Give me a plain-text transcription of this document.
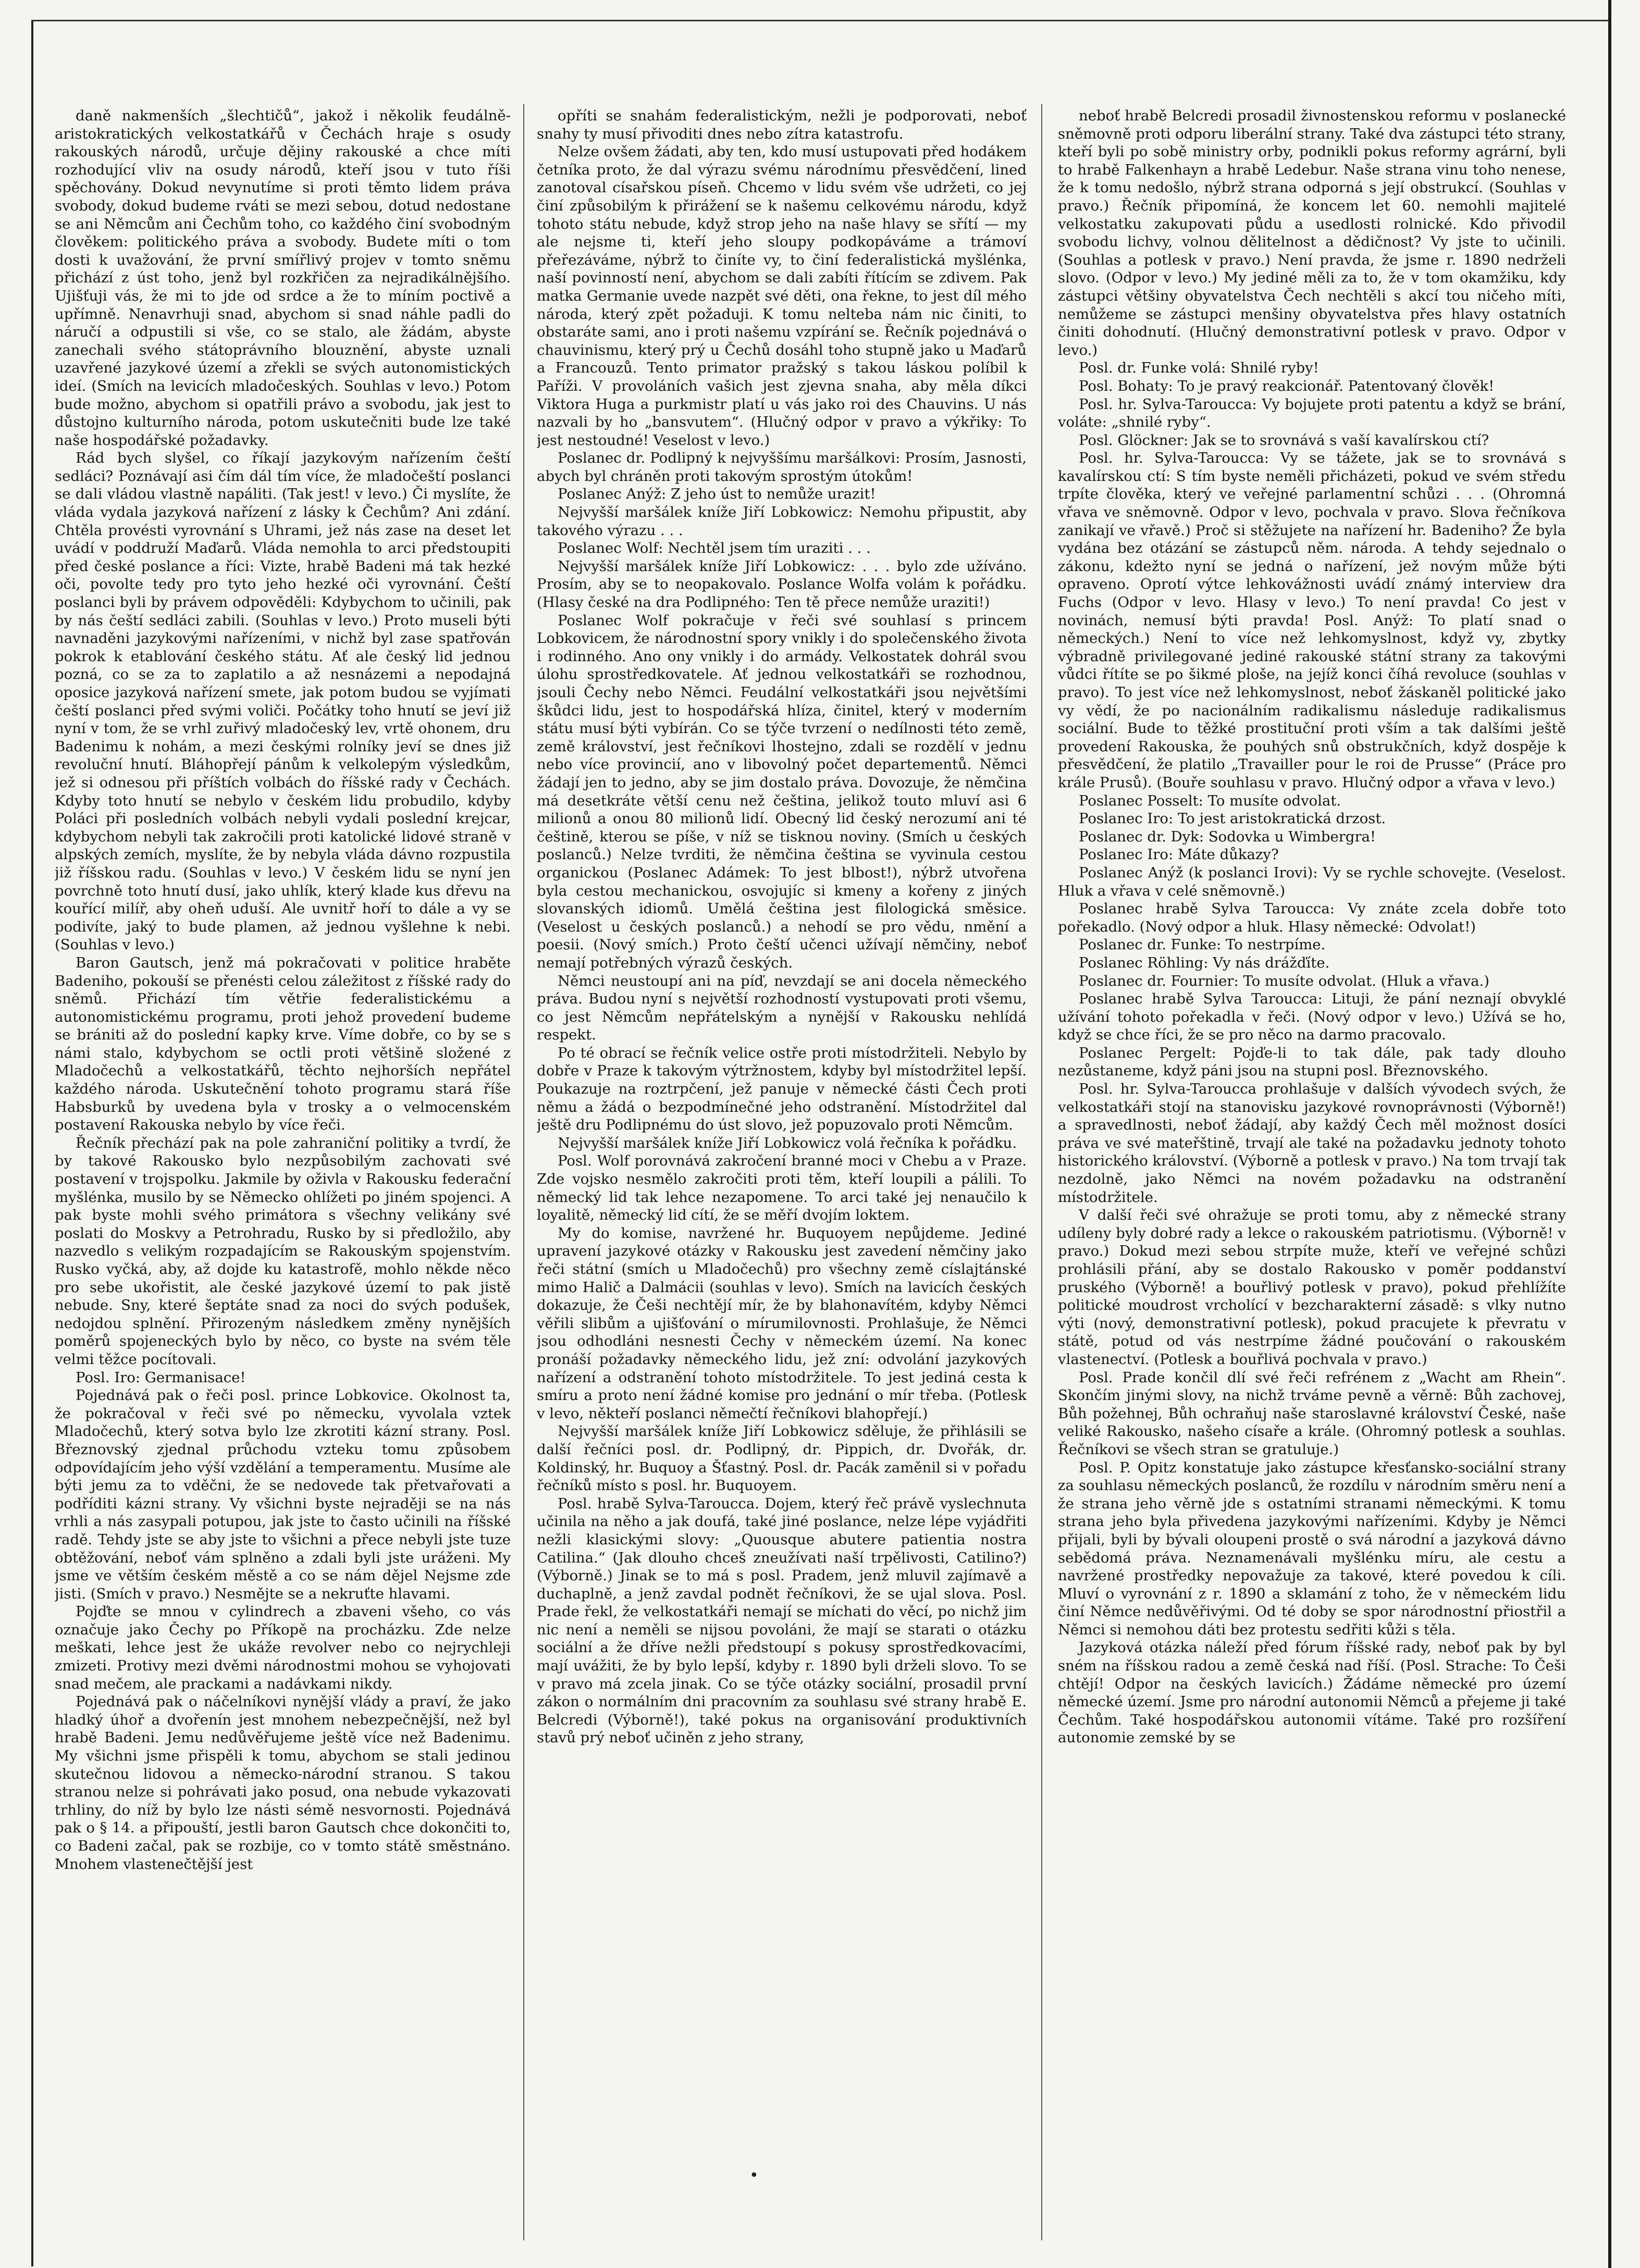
daně nakmenších „šlechtičů“, jakož i několik feudálně-aristokratických velkostatkářů v Čechách hraje s osudy rakouských národů, určuje dějiny rakouské a chce míti rozhodující vliv na osudy národů, kteří jsou v tuto říši spěchovány. Dokud nevynutíme si proti těmto lidem práva svobody, dokud budeme rváti se mezi sebou, dotud nedostane se ani Němcům ani Čechům toho, co každého činí svobodným člověkem: politického práva a svobody. Budete míti o tom dosti k uvažování, že první smířlivý projev v tomto sněmu přichází z úst toho, jenž byl rozkřičen za nejradikálnějšího. Ujišťuji vás, že mi to jde od srdce a že to míním poctivě a upřímně. Nenavrhuji snad, abychom si snad náhle padli do náručí a odpustili si vše, co se stalo, ale žádám, abyste zanechali svého státoprávního blouznění, abyste uznali uzavřené jazykové území a zřekli se svých autonomistických ideí. (Smích na levicích mladočeských. Souhlas v levo.) Potom bude možno, abychom si opatřili právo a svobodu, jak jest to důstojno kulturního národa, potom uskutečniti bude lze také naše hospodářské požadavky.

Rád bych slyšel, co říkají jazykovým nařízením čeští sedláci? Poznávají asi čím dál tím více, že mladočeští poslanci se dali vládou vlastně napáliti. (Tak jest! v levo.) Či myslíte, že vláda vydala jazyková nařízení z lásky k Čechům? Ani zdání. Chtěla provésti vyrovnání s Uhrami, jež nás zase na deset let uvádí v poddruží Maďarů. Vláda nemohla to arci předstoupiti před české poslance a říci: Vizte, hrabě Badeni má tak hezké oči, povolte tedy pro tyto jeho hezké oči vyrovnání. Čeští poslanci byli by právem odpověděli: Kdybychom to učinili, pak by nás čeští sedláci zabili. (Souhlas v levo.) Proto museli býti navnaděni jazykovými nařízeními, v nichž byl zase spatřován pokrok k etablování českého státu. Ať ale český lid jednou pozná, co se za to zaplatilo a až nesnázemi a nepodajná oposice jazyková nařízení smete, jak potom budou se vyjímati čeští poslanci před svými voliči. Počátky toho hnutí se jeví již nyní v tom, že se vrhl zuřivý mladočeský lev, vrtě ohonem, dru Badenimu k nohám, a mezi českými rolníky jeví se dnes již revoluční hnutí. Bláhopřejí pánům k velkolepým výsledkům, jež si odnesou při příštích volbách do říšské rady v Čechách. Kdyby toto hnutí se nebylo v českém lidu probudilo, kdyby Poláci při posledních volbách nebyli vydali poslední krejcar, kdybychom nebyli tak zakročili proti katolické lidové straně v alpských zemích, myslíte, že by nebyla vláda dávno rozpustila již říšskou radu. (Souhlas v levo.) V českém lidu se nyní jen povrchně toto hnutí dusí, jako uhlík, který klade kus dřevu na kouřící milíř, aby oheň uduší. Ale uvnitř hoří to dále a vy se podivíte, jaký to bude plamen, až jednou vyšlehne k nebi. (Souhlas v levo.)

Baron Gautsch, jenž má pokračovati v politice hraběte Badeniho, pokouší se přenésti celou záležitost z říšské rady do sněmů. Přichází tím větřie federalistickému a autonomistickému programu, proti jehož provedení budeme se brániti až do poslední kapky krve. Víme dobře, co by se s námi stalo, kdybychom se octli proti většině složené z Mladočechů a velkostatkářů, těchto nejhorších nepřátel každého národa. Uskutečnění tohoto programu stará říše Habsburků by uvedena byla v trosky a o velmocenském postavení Rakouska nebylo by více řeči.

Řečník přechází pak na pole zahraniční politiky a tvrdí, že by takové Rakousko bylo nezpůsobilým zachovati své postavení v trojspolku. Jakmile by oživla v Rakousku federační myšlénka, musilo by se Německo ohlížeti po jiném spojenci. A pak byste mohli svého primátora s všechny velikány své poslati do Moskvy a Petrohradu, Rusko by si předložilo, aby nazvedlo s velikým rozpadajícím se Rakouským spojenstvím. Rusko vyčká, aby, až dojde ku katastrofě, mohlo někde něco pro sebe ukořistit, ale české jazykové území to pak jistě nebude. Sny, které šeptáte snad za noci do svých podušek, nedojdou splnění. Přirozeným následkem změny nynějších poměrů spojeneckých bylo by něco, co byste na svém těle velmi těžce pocítovali.

Posl. Iro: Germanisace!

Pojednává pak o řeči posl. prince Lobkovice. Okolnost ta, že pokračoval v řeči své po německu, vyvolala vztek Mladočechů, který sotva bylo lze zkrotiti kázní strany. Posl. Březnovský zjednal průchodu vzteku tomu způsobem odpovídajícím jeho výší vzdělání a temperamentu. Musíme ale býti jemu za to vděčni, že se nedovede tak přetvařovati a podříditi kázni strany. Vy všichni byste nejraději se na nás vrhli a nás zasypali potupou, jak jste to často učinili na říšské radě. Tehdy jste se aby jste to všichni a přece nebyli jste tuze obtěžování, neboť vám splněno a zdali byli jste uráženi. My jsme ve větším českém městě a co se nám dějel Nejsme zde jisti. (Smích v pravo.) Nesmějte se a nekruťte hlavami.

Pojďte se mnou v cylindrech a zbaveni všeho, co vás označuje jako Čechy po Příkopě na procházku. Zde nelze meškati, lehce jest že ukáže revolver nebo co nejrychleji zmizeti. Protivy mezi dvěmi národnostmi mohou se vyhojovati snad mečem, ale prackami a nadávkami nikdy.

Pojednává pak o náčelníkovi nynější vlády a praví, že jako hladký úhoř a dvořenín jest mnohem nebezpečnější, než byl hrabě Badeni. Jemu nedůvěřujeme ještě více než Badenimu. My všichni jsme přispěli k tomu, abychom se stali jedinou skutečnou lidovou a německo-národní stranou. S takou stranou nelze si pohrávati jako posud, ona nebude vykazovati trhliny, do níž by bylo lze násti sémě nesvornosti. Pojednává pak o § 14. a připouští, jestli baron Gautsch chce dokončiti to, co Badeni začal, pak se rozbije, co v tomto státě směstnáno. Mnohem vlastenečtější jest

opříti se snahám federalistickým, nežli je podporovati, neboť snahy ty musí přivoditi dnes nebo zítra katastrofu.

Nelze ovšem žádati, aby ten, kdo musí ustupovati před hodákem četníka proto, že dal výrazu svému národnímu přesvědčení, lined zanotoval císařskou píseň. Chcemo v lidu svém vše udržeti, co jej činí způsobilým k přirážení se k našemu celkovému národu, když tohoto státu nebude, když strop jeho na naše hlavy se sřítí — my ale nejsme ti, kteří jeho sloupy podkopáváme a trámoví přeřezáváme, nýbrž to činíte vy, to činí federalistická myšlénka, naší povinností není, abychom se dali zabíti řítícím se zdivem. Pak matka Germanie uvede nazpět své děti, ona řekne, to jest díl mého národa, který zpět požaduji. K tomu nelteba nám nic činiti, to obstaráte sami, ano i proti našemu vzpírání se. Řečník pojednává o chauvinismu, který prý u Čechů dosáhl toho stupně jako u Maďarů a Francouzů. Tento primator pražský s takou láskou políbil k Paříži. V provoláních vašich jest zjevna snaha, aby měla díkci Viktora Huga a purkmistr platí u vás jako roi des Chauvins. U nás nazvali by ho „bansvutem“. (Hlučný odpor v pravo a výkřiky: To jest nestoudné! Veselost v levo.)

Poslanec dr. Podlipný k nejvyššímu maršálkovi: Prosím, Jasnosti, abych byl chráněn proti takovým sprostým útokům!

Poslanec Anýž: Z jeho úst to nemůže urazit!

Nejvyšší maršálek kníže Jiří Lobkowicz: Nemohu připustit, aby takového výrazu . . .

Poslanec Wolf: Nechtěl jsem tím uraziti . . .

Nejvyšší maršálek kníže Jiří Lobkowicz: . . . bylo zde užíváno. Prosím, aby se to neopakovalo. Poslance Wolfa volám k pořádku. (Hlasy české na dra Podlipného: Ten tě přece nemůže uraziti!)

Poslanec Wolf pokračuje v řeči své souhlasí s princem Lobkovicem, že národnostní spory vnikly i do společenského života i rodinného. Ano ony vnikly i do armády. Velkostatek dohrál svou úlohu sprostředkovatele. Ať jednou velkostatkáři se rozhodnou, jsouli Čechy nebo Němci. Feudální velkostatkáři jsou největšími škůdci lidu, jest to hospodářská hlíza, činitel, který v moderním státu musí býti vybírán. Co se týče tvrzení o nedílnosti této země, země království, jest řečníkovi lhostejno, zdali se rozdělí v jednu nebo více provincií, ano v libovolný počet departementů. Němci žádají jen to jedno, aby se jim dostalo práva. Dovozuje, že němčina má desetkráte větší cenu než čeština, jelikož touto mluví asi 6 milionů a onou 80 milionů lidí. Obecný lid český nerozumí ani té češtině, kterou se píše, v níž se tisknou noviny. (Smích u českých poslanců.) Nelze tvrditi, že němčina čeština se vyvinula cestou organickou (Poslanec Adámek: To jest blbost!), nýbrž utvořena byla cestou mechanickou, osvojujíc si kmeny a kořeny z jiných slovanských idiomů. Umělá čeština jest filologická směsice. (Veselost u českých poslanců.) a nehodí se pro vědu, nmění a poesii. (Nový smích.) Proto čeští učenci užívají němčiny, neboť nemají potřebných výrazů českých.

Němci neustoupí ani na píď, nevzdají se ani docela německého práva. Budou nyní s největší rozhodností vystupovati proti všemu, co jest Němcům nepřátelským a nynější v Rakousku nehlídá respekt.

Po té obrací se řečník velice ostře proti místodržiteli. Nebylo by dobře v Praze k takovým výtržnostem, kdyby byl místodržitel lepší. Poukazuje na roztrpčení, jež panuje v německé části Čech proti němu a žádá o bezpodmínečné jeho odstranění. Místodržitel dal ještě dru Podlipnému do úst slovo, jež popuzovalo proti Němcům.

Nejvyšší maršálek kníže Jiří Lobkowicz volá řečníka k pořádku.

Posl. Wolf porovnává zakročení branné moci v Chebu a v Praze. Zde vojsko nesmělo zakročiti proti těm, kteří loupili a pálili. To německý lid tak lehce nezapomene. To arci také jej nenaučilo k loyalitě, německý lid cítí, že se měří dvojím loktem.

My do komise, navržené hr. Buquoyem nepůjdeme. Jediné upravení jazykové otázky v Rakousku jest zavedení němčiny jako řeči státní (smích u Mladočechů) pro všechny země císlajtánské mimo Halič a Dalmácii (souhlas v levo). Smích na lavicích českých dokazuje, že Češi nechtějí mír, že by blahonavítém, kdyby Němci věřili slibům a ujišťování o mírumilovnosti. Prohlašuje, že Němci jsou odhodláni nesnesti Čechy v německém území. Na konec pronáší požadavky německého lidu, jež zní: odvolání jazykových nařízení a odstranění tohoto místodržitele. To jest jediná cesta k smíru a proto není žádné komise pro jednání o mír třeba. (Potlesk v levo, někteří poslanci němečtí řečníkovi blahopřejí.)

Nejvyšší maršálek kníže Jiří Lobkowicz sděluje, že přihlásili se další řečníci posl. dr. Podlipný, dr. Pippich, dr. Dvořák, dr. Koldinský, hr. Buquoy a Šťastný. Posl. dr. Pacák zaměnil si v pořadu řečníků místo s posl. hr. Buquoyem.

Posl. hrabě Sylva-Taroucca. Dojem, který řeč právě vyslechnuta učinila na něho a jak doufá, také jiné poslance, nelze lépe vyjádřiti nežli klasickými slovy: „Quousque abutere patientia nostra Catilina.“ (Jak dlouho chceš zneužívati naší trpělivosti, Catilino?) (Výborně.) Jinak se to má s posl. Pradem, jenž mluvil zajímavě a duchaplně, a jenž zavdal podnět řečníkovi, že se ujal slova. Posl. Prade řekl, že velkostatkáři nemají se míchati do věcí, po nichž jim nic není a neměli se nijsou povoláni, že mají se starati o otázku sociální a že dříve nežli předstoupí s pokusy sprostředkovacími, mají uvážiti, že by bylo lepší, kdyby r. 1890 byli drželi slovo. To se v pravo má zcela jinak. Co se týče otázky sociální, prosadil první zákon o normálním dni pracovním za souhlasu své strany hrabě E. Belcredi (Výborně!), také pokus na organisování produktivních stavů prý neboť učiněn z jeho strany,

neboť hrabě Belcredi prosadil živnostenskou reformu v poslanecké sněmovně proti odporu liberální strany. Také dva zástupci této strany, kteří byli po sobě ministry orby, podnikli pokus reformy agrární, byli to hrabě Falkenhayn a hrabě Ledebur. Naše strana vinu toho nenese, že k tomu nedošlo, nýbrž strana odporná s její obstrukcí. (Souhlas v pravo.) Řečník připomíná, že koncem let 60. nemohli majitelé velkostatku zakupovati půdu a usedlosti rolnické. Kdo přivodil svobodu lichvy, volnou dělitelnost a dědičnost? Vy jste to učinili. (Souhlas a potlesk v pravo.) Není pravda, že jsme r. 1890 nedrželi slovo. (Odpor v levo.) My jediné měli za to, že v tom okamžiku, kdy zástupci většiny obyvatelstva Čech nechtěli s akcí tou ničeho míti, nemůžeme se zástupci menšiny obyvatelstva přes hlavy ostatních činiti dohodnutí. (Hlučný demonstrativní potlesk v pravo. Odpor v levo.)

Posl. dr. Funke volá: Shnilé ryby!

Posl. Bohaty: To je pravý reakcionář. Patentovaný člověk!

Posl. hr. Sylva-Taroucca: Vy bojujete proti patentu a když se brání, voláte: „shnilé ryby“.

Posl. Glöckner: Jak se to srovnává s vaší kavalírskou ctí?

Posl. hr. Sylva-Taroucca: Vy se tážete, jak se to srovnává s kavalírskou ctí: S tím byste neměli přicházeti, pokud ve svém středu trpíte člověka, který ve veřejné parlamentní schůzi . . . (Ohromná vřava ve sněmovně. Odpor v levo, pochvala v pravo. Slova řečníkova zanikají ve vřavě.) Proč si stěžujete na nařízení hr. Badeniho? Že byla vydána bez otázání se zástupců něm. národa. A tehdy sejednalo o zákonu, kdežto nyní se jedná o nařízení, jež novým může býti opraveno. Oprotí výtce lehkovážnosti uvádí známý interview dra Fuchs (Odpor v levo. Hlasy v levo.) To není pravda! Co jest v novinách, nemusí býti pravda! Posl. Anýž: To platí snad o německých.) Není to více než lehkomyslnost, když vy, zbytky výbradně privilegované jediné rakouské státní strany za takovými vůdci řítíte se po šikmé ploše, na jejíž konci číhá revoluce (souhlas v pravo). To jest více než lehkomyslnost, neboť žáskaněl politické jako vy vědí, že po nacionálním radikalismu následuje radikalismus sociální. Bude to těžké prostituční proti vším a tak dalšími ještě provedení Rakouska, že pouhých snů obstrukčních, když dospěje k přesvědčení, že platilo „Travailler pour le roi de Prusse“ (Práce pro krále Prusů). (Bouře souhlasu v pravo. Hlučný odpor a vřava v levo.)

Poslanec Posselt: To musíte odvolat.

Poslanec Iro: To jest aristokratická drzost.

Poslanec dr. Dyk: Sodovka u Wimbergra!

Poslanec Iro: Máte důkazy?

Poslanec Anýž (k poslanci Irovi): Vy se rychle schovejte. (Veselost. Hluk a vřava v celé sněmovně.)

Poslanec hrabě Sylva Taroucca: Vy znáte zcela dobře toto pořekadlo. (Nový odpor a hluk. Hlasy německé: Odvolat!)

Poslanec dr. Funke: To nestrpíme.

Poslanec Röhling: Vy nás drážďíte.

Poslanec dr. Fournier: To musíte odvolat. (Hluk a vřava.)

Poslanec hrabě Sylva Taroucca: Lituji, že pání neznají obvyklé užívání tohoto pořekadla v řeči. (Nový odpor v levo.) Užívá se ho, když se chce říci, že se pro něco na darmo pracovalo.

Poslanec Pergelt: Pojďe-li to tak dále, pak tady dlouho nezůstaneme, když páni jsou na stupni posl. Březnovského.

Posl. hr. Sylva-Taroucca prohlašuje v dalších vývodech svých, že velkostatkáři stojí na stanovisku jazykové rovnoprávnosti (Výborně!) a spravedlnosti, neboť žádají, aby každý Čech měl možnost dosíci práva ve své mateřštině, trvají ale také na požadavku jednoty tohoto historického království. (Výborně a potlesk v pravo.) Na tom trvají tak nezdolně, jako Němci na novém požadavku na odstranění místodržitele.

V další řeči své ohražuje se proti tomu, aby z německé strany udíleny byly dobré rady a lekce o rakouském patriotismu. (Výborně! v pravo.) Dokud mezi sebou strpíte muže, kteří ve veřejné schůzi prohlásili přání, aby se dostalo Rakousko v poměr poddanství pruského (Výborně! a bouřlivý potlesk v pravo), pokud přehlížíte politické moudrost vrcholící v bezcharakterní zásadě: s vlky nutno výti (nový, demonstrativní potlesk), pokud pracujete k převratu v státě, potud od vás nestrpíme žádné poučování o rakouském vlastenectví. (Potlesk a bouřlivá pochvala v pravo.)

Posl. Prade končil dlí své řeči refrénem z „Wacht am Rhein“. Skončím jinými slovy, na nichž trváme pevně a věrně: Bůh zachovej, Bůh požehnej, Bůh ochraňuj naše staroslavné království České, naše veliké Rakousko, našeho císaře a krále. (Ohromný potlesk a souhlas. Řečníkovi se všech stran se gratuluje.)

Posl. P. Opitz konstatuje jako zástupce křesťansko-sociální strany za souhlasu německých poslanců, že rozdílu v národním směru není a že strana jeho věrně jde s ostatními stranami německými. K tomu strana jeho byla přivedena jazykovými nařízeními. Kdyby je Němci přijali, byli by bývali oloupeni prostě o svá národní a jazyková dávno sebědomá práva. Neznamenávali myšlénku míru, ale cestu a navržené prostředky nepovažuje za takové, které povedou k cíli. Mluví o vyrovnání z r. 1890 a sklamání z toho, že v německém lidu činí Němce nedůvěřivými. Od té doby se spor národnostní přiostřil a Němci si nemohou dáti bez protestu sedřiti kůži s těla.

Jazyková otázka náleží před fórum říšské rady, neboť pak by byl sném na říšskou radou a země česká nad říší. (Posl. Strache: To Češi chtějí! Odpor na českých lavicích.) Žádáme německé pro území německé území. Jsme pro národní autonomii Němců a přejeme ji také Čechům. Také hospodářskou autonomii vítáme. Také pro rozšíření autonomie zemské by se

•
